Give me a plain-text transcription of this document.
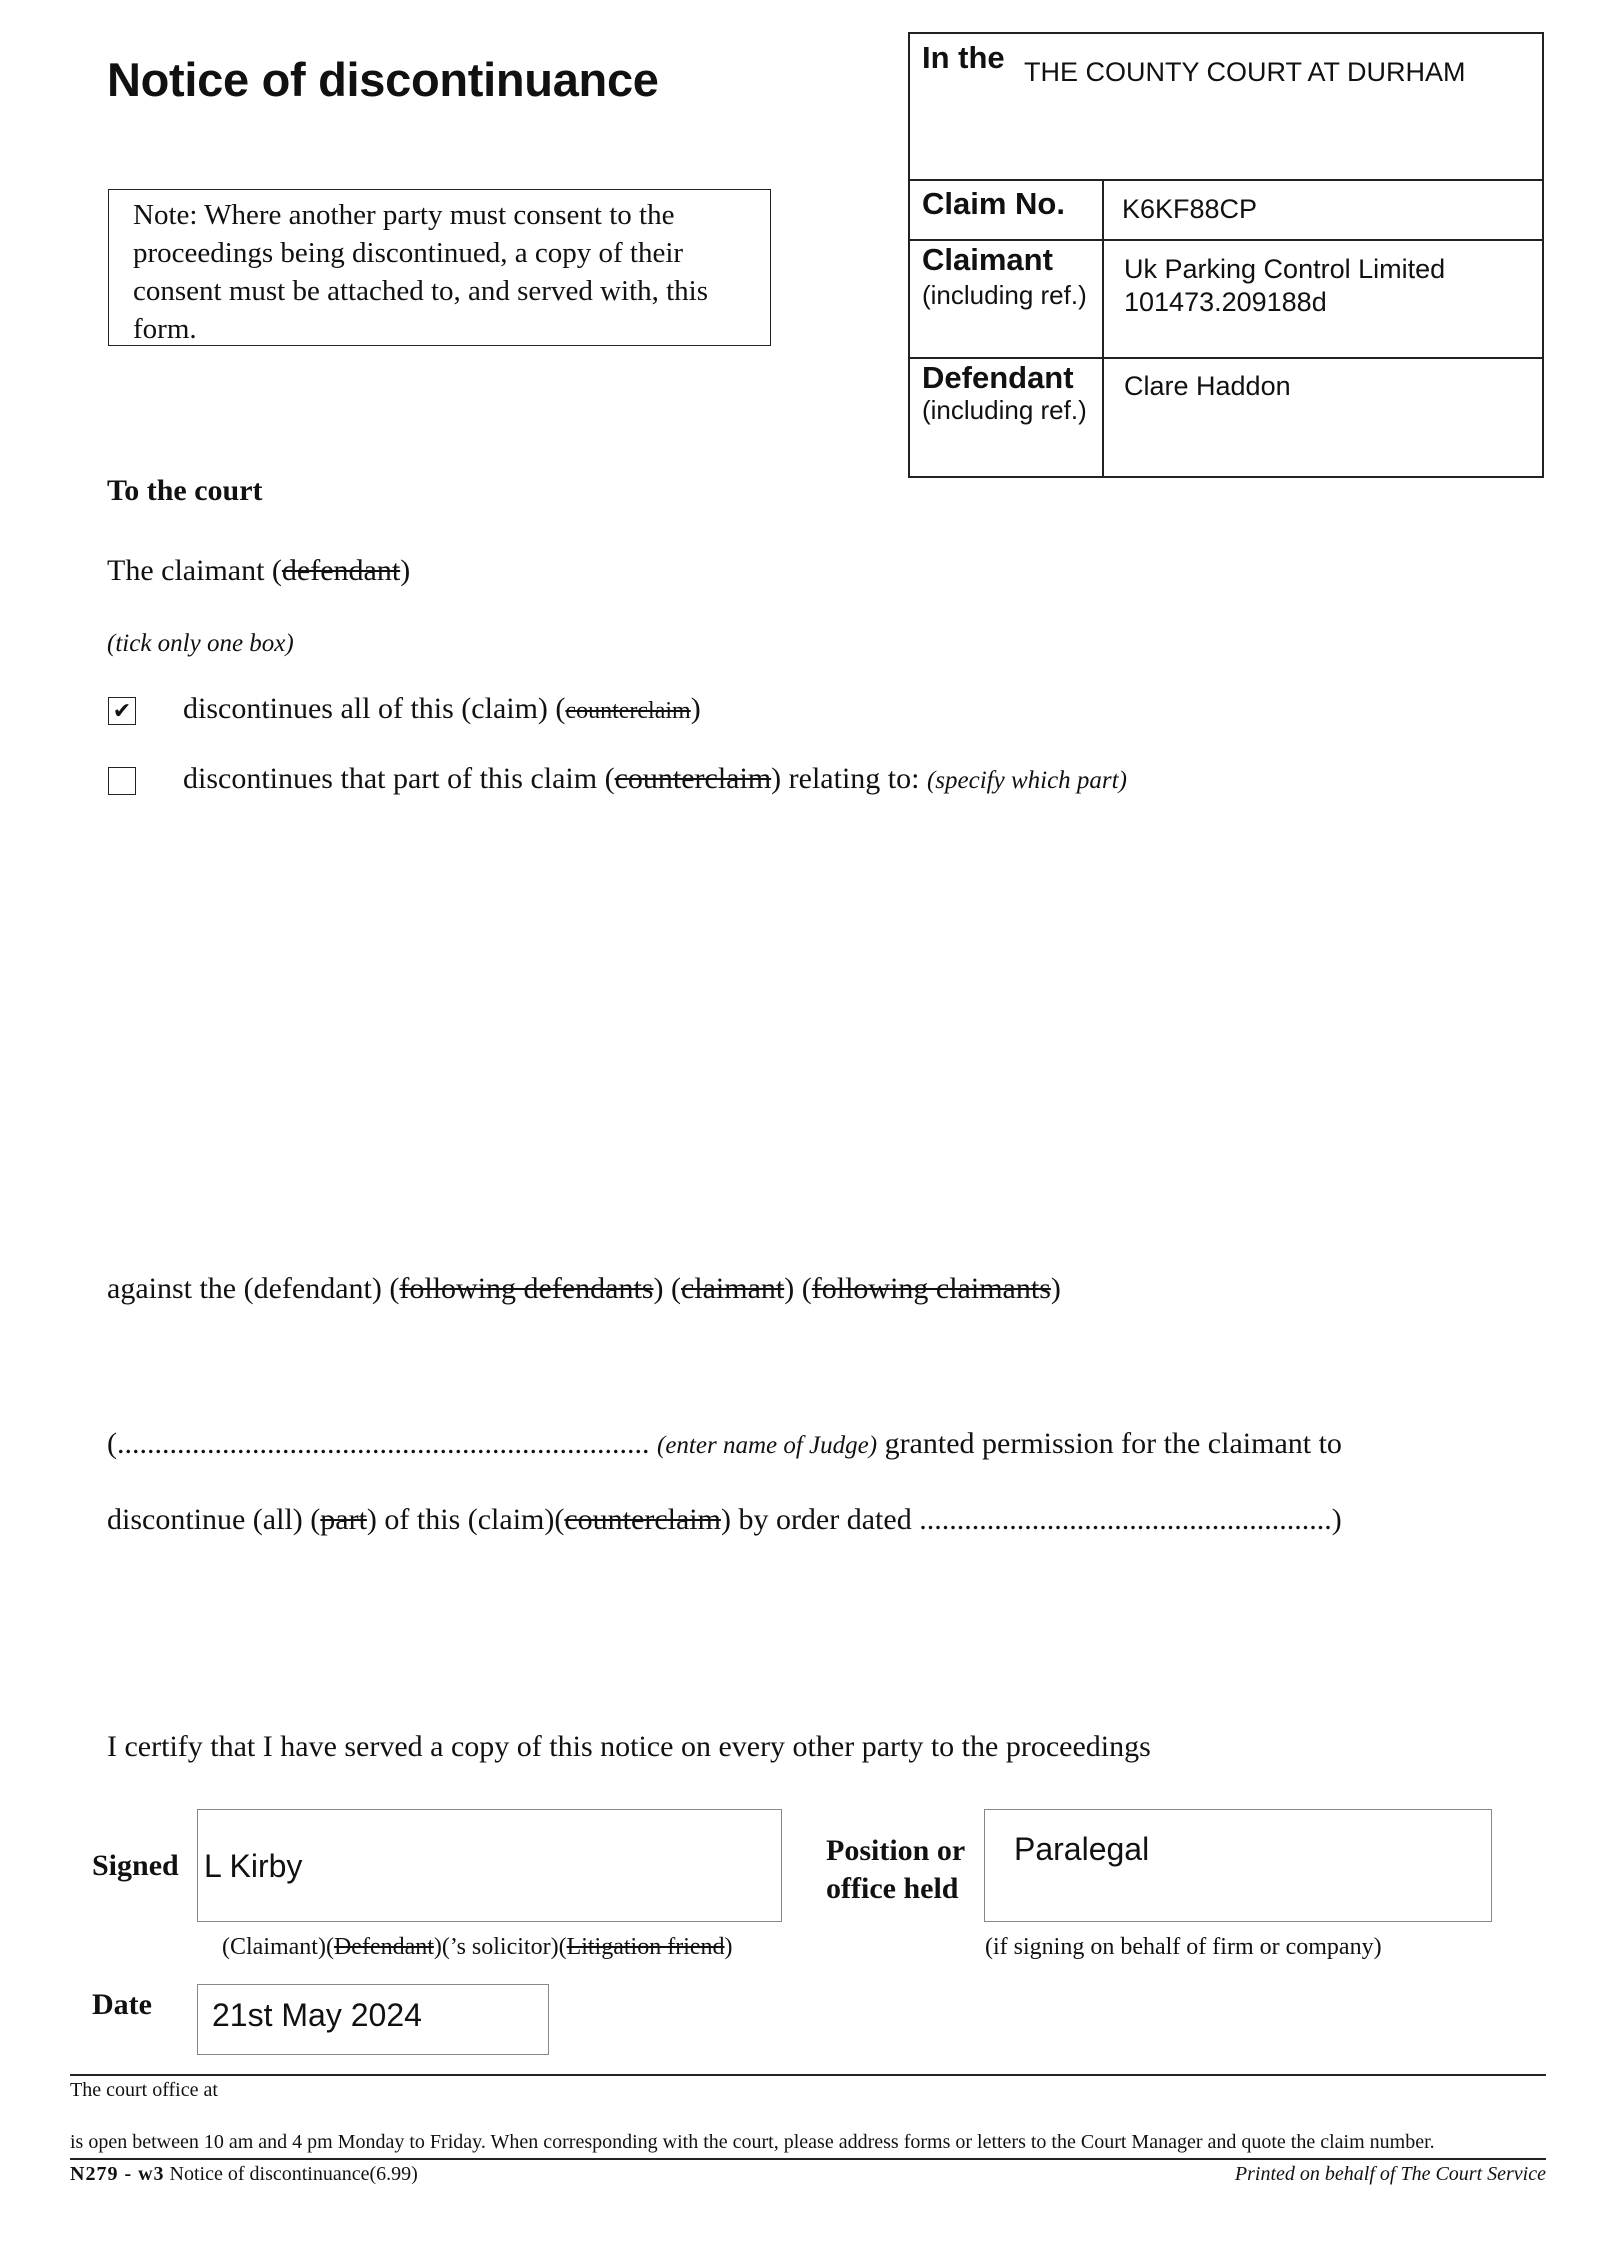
Notice of discontinuance
Note: Where another party must consent to the proceedings being discontinued, a copy of their consent must be attached to, and served with, this form.
In the THE COUNTY COURT AT DURHAM
Claim No. K6KF88CP
Claimant
(including ref.)
Uk Parking Control Limited
101473.209188d
Defendant
(including ref.)
Clare Haddon
To the court
The claimant (defendant)
(tick only one box)
✔ discontinues all of this (claim) (counterclaim)
discontinues that part of this claim (counterclaim) relating to: (specify which part)
against the (defendant) (following defendants) (claimant) (following claimants)
(....................................................................... (enter name of Judge) granted permission for the claimant to
discontinue (all) (part) of this (claim)(counterclaim) by order dated .......................................................)
I certify that I have served a copy of this notice on every other party to the proceedings
Signed L Kirby
(Claimant)(Defendant)(’s solicitor)(Litigation friend)
Position or
office held
Paralegal
(if signing on behalf of firm or company)
Date 21st May 2024
The court office at
is open between 10 am and 4 pm Monday to Friday. When corresponding with the court, please address forms or letters to the Court Manager and quote the claim number.
N279 - w3 Notice of discontinuance(6.99)	Printed on behalf of The Court Service
